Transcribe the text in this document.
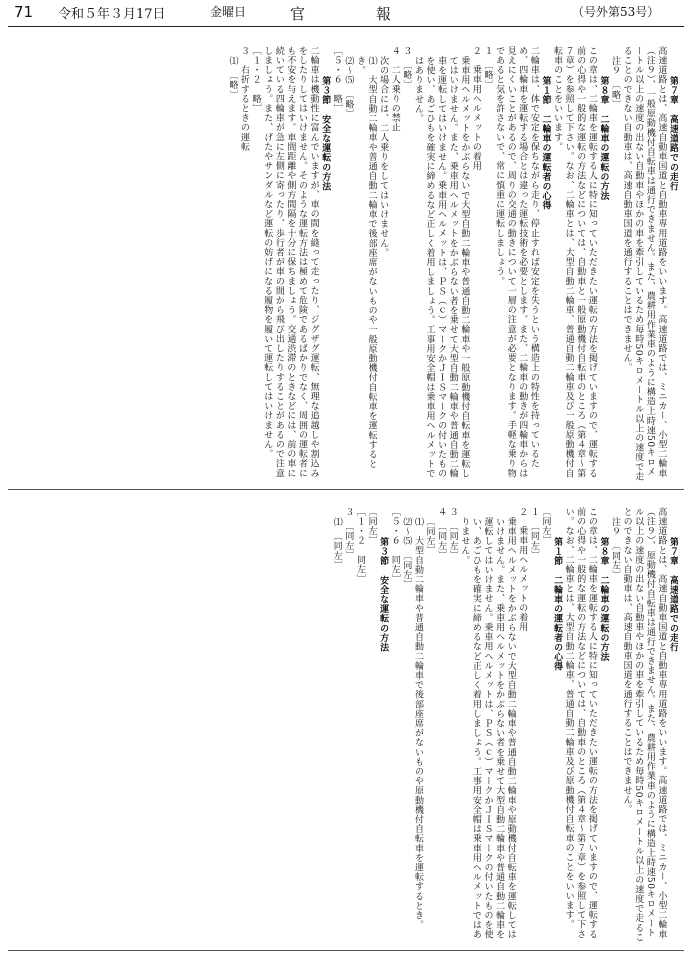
71 令和５年３月17日	金曜日	官　報	（号外第53号）

第７章　高速道路での走行

高速道路とは、高速自動車国道と自動車専用道路をいいます。高速道路では、ミニカー、小型二輪車（注９）、一般原動機付自転車は通行できません。また、農耕用作業車のように構造上時速50キロメートル以上の速度の出ない自動車やほかの車を牽引しているため毎時50キロメートル以上の速度で走ることのできない自動車は、高速自動車国道を通行することはできません。

注９　〔略〕

第８章　二輪車の運転の方法

この章は、二輪車を運転する人に特に知っていただきたい運転の方法を掲げていますので、運転する前の心得や一般的な運転の方法などについては、自動車と一般原動機付自転車のところ（第４章～第７章）を参照して下さい。なお、二輪車とは、大型自動二輪車、普通自動二輪車及び一般原動機付自転車のことをいいます。

第１節　二輪車の運転者の心得

二輪車は、体で安定を保ちながら走り、停止すれば安定を失うという構造上の特性を持っているため、四輪車を運転する場合とは違った運転技術を必要とします。また、二輪車の動きが四輪車からは見えにくいことがあるので、周りの交通の動きについて一層の注意が必要となります。手軽な乗り物であると気を許さないで、常に慎重に運転しましょう。

１　〔略〕

２　乗車用ヘルメットの着用

乗車用ヘルメットをかぶらないで大型自動二輪車や普通自動二輪車や一般原動機付自転車を運転してはいけません。また、乗車用ヘルメットをかぶらない者を乗せて大型自動二輪車や普通自動二輪車を運転してはいけません。乗車用ヘルメットは、ＰＳ（ｃ）マークかＪＩＳマークの付いたものを使い、あごひもを確実に締めるなど正しく着用しましょう。工事用安全帽は乗車用ヘルメットではありません。

３　〔略〕

４　二人乗りの禁止

次の場合には、二人乗りをしてはいけません。

⑴　大型自動二輪車や普通自動二輪車で後部座席がないものや一般原動機付自転車を運転するとき。

⑵～⑸　〔略〕

［５・６　略］

第３節　安全な運転の方法

二輪車は機動性に富んでいますが、車の間を縫って走ったり、ジグザグ運転、無理な追越しや割込みをしたりしてはいけません。そのような運転方法は極めて危険であるばかりでなく、周囲の運転者にも不安を与えます。車間距離や側方間隔を十分に保ちましょう。交通渋滞のときなどには、前の車に続いている四輪車が急に左側に寄ったり、歩行者が車の間から飛び出したりすることがあるので注意しましょう。また、げたやサンダルなど運転の妨げになる履物を履いて運転してはいけません。

［１・２　略］

３　右折するときの運転

⑴　〔略〕

第７章　高速道路での走行

高速道路とは、高速自動車国道と自動車専用道路をいいます。高速道路では、ミニカー、小型二輪車（注９）、原動機付自転車は通行できません。また、農耕用作業車のように構造上時速50キロメートル以上の速度の出ない自動車やほかの車を牽引しているため毎時50キロメートル以上の速度で走ることのできない自動車は、高速自動車国道を通行することはできません。

注９　〔同左〕

第８章　二輪車の運転の方法

この章は、二輪車を運転する人に特に知っていただきたい運転の方法を掲げていますので、運転する前の心得や一般的な運転の方法などについては、自動車のところ（第４章～第７章）を参照して下さい。なお、二輪車とは、大型自動二輪車、普通自動二輪車及び原動機付自転車のことをいいます。

第１節　二輪車の運転者の心得

〔同左〕

１　〔同左〕

２　乗車用ヘルメットの着用

乗車用ヘルメットをかぶらないで大型自動二輪車や普通自動二輪車や原動機付自転車を運転してはいけません。また、乗車用ヘルメットをかぶらない者を乗せて大型自動二輪車や普通自動二輪車を運転してはいけません。乗車用ヘルメットは、ＰＳ（ｃ）マークかＪＩＳマークの付いたものを使い、あごひもを確実に締めるなど正しく着用しましょう。工事用安全帽は乗車用ヘルメットではありません。

３　〔同左〕

４　〔同左〕

〔同左〕

⑴　大型自動二輪車や普通自動二輪車で後部座席がないものや原動機付自転車を運転するとき。

⑵～⑸　〔同左〕

［５・６　同左］

第３節　安全な運転の方法

〔同左〕

［１・２　同左］

３　〔同左〕

⑴　〔同左〕
